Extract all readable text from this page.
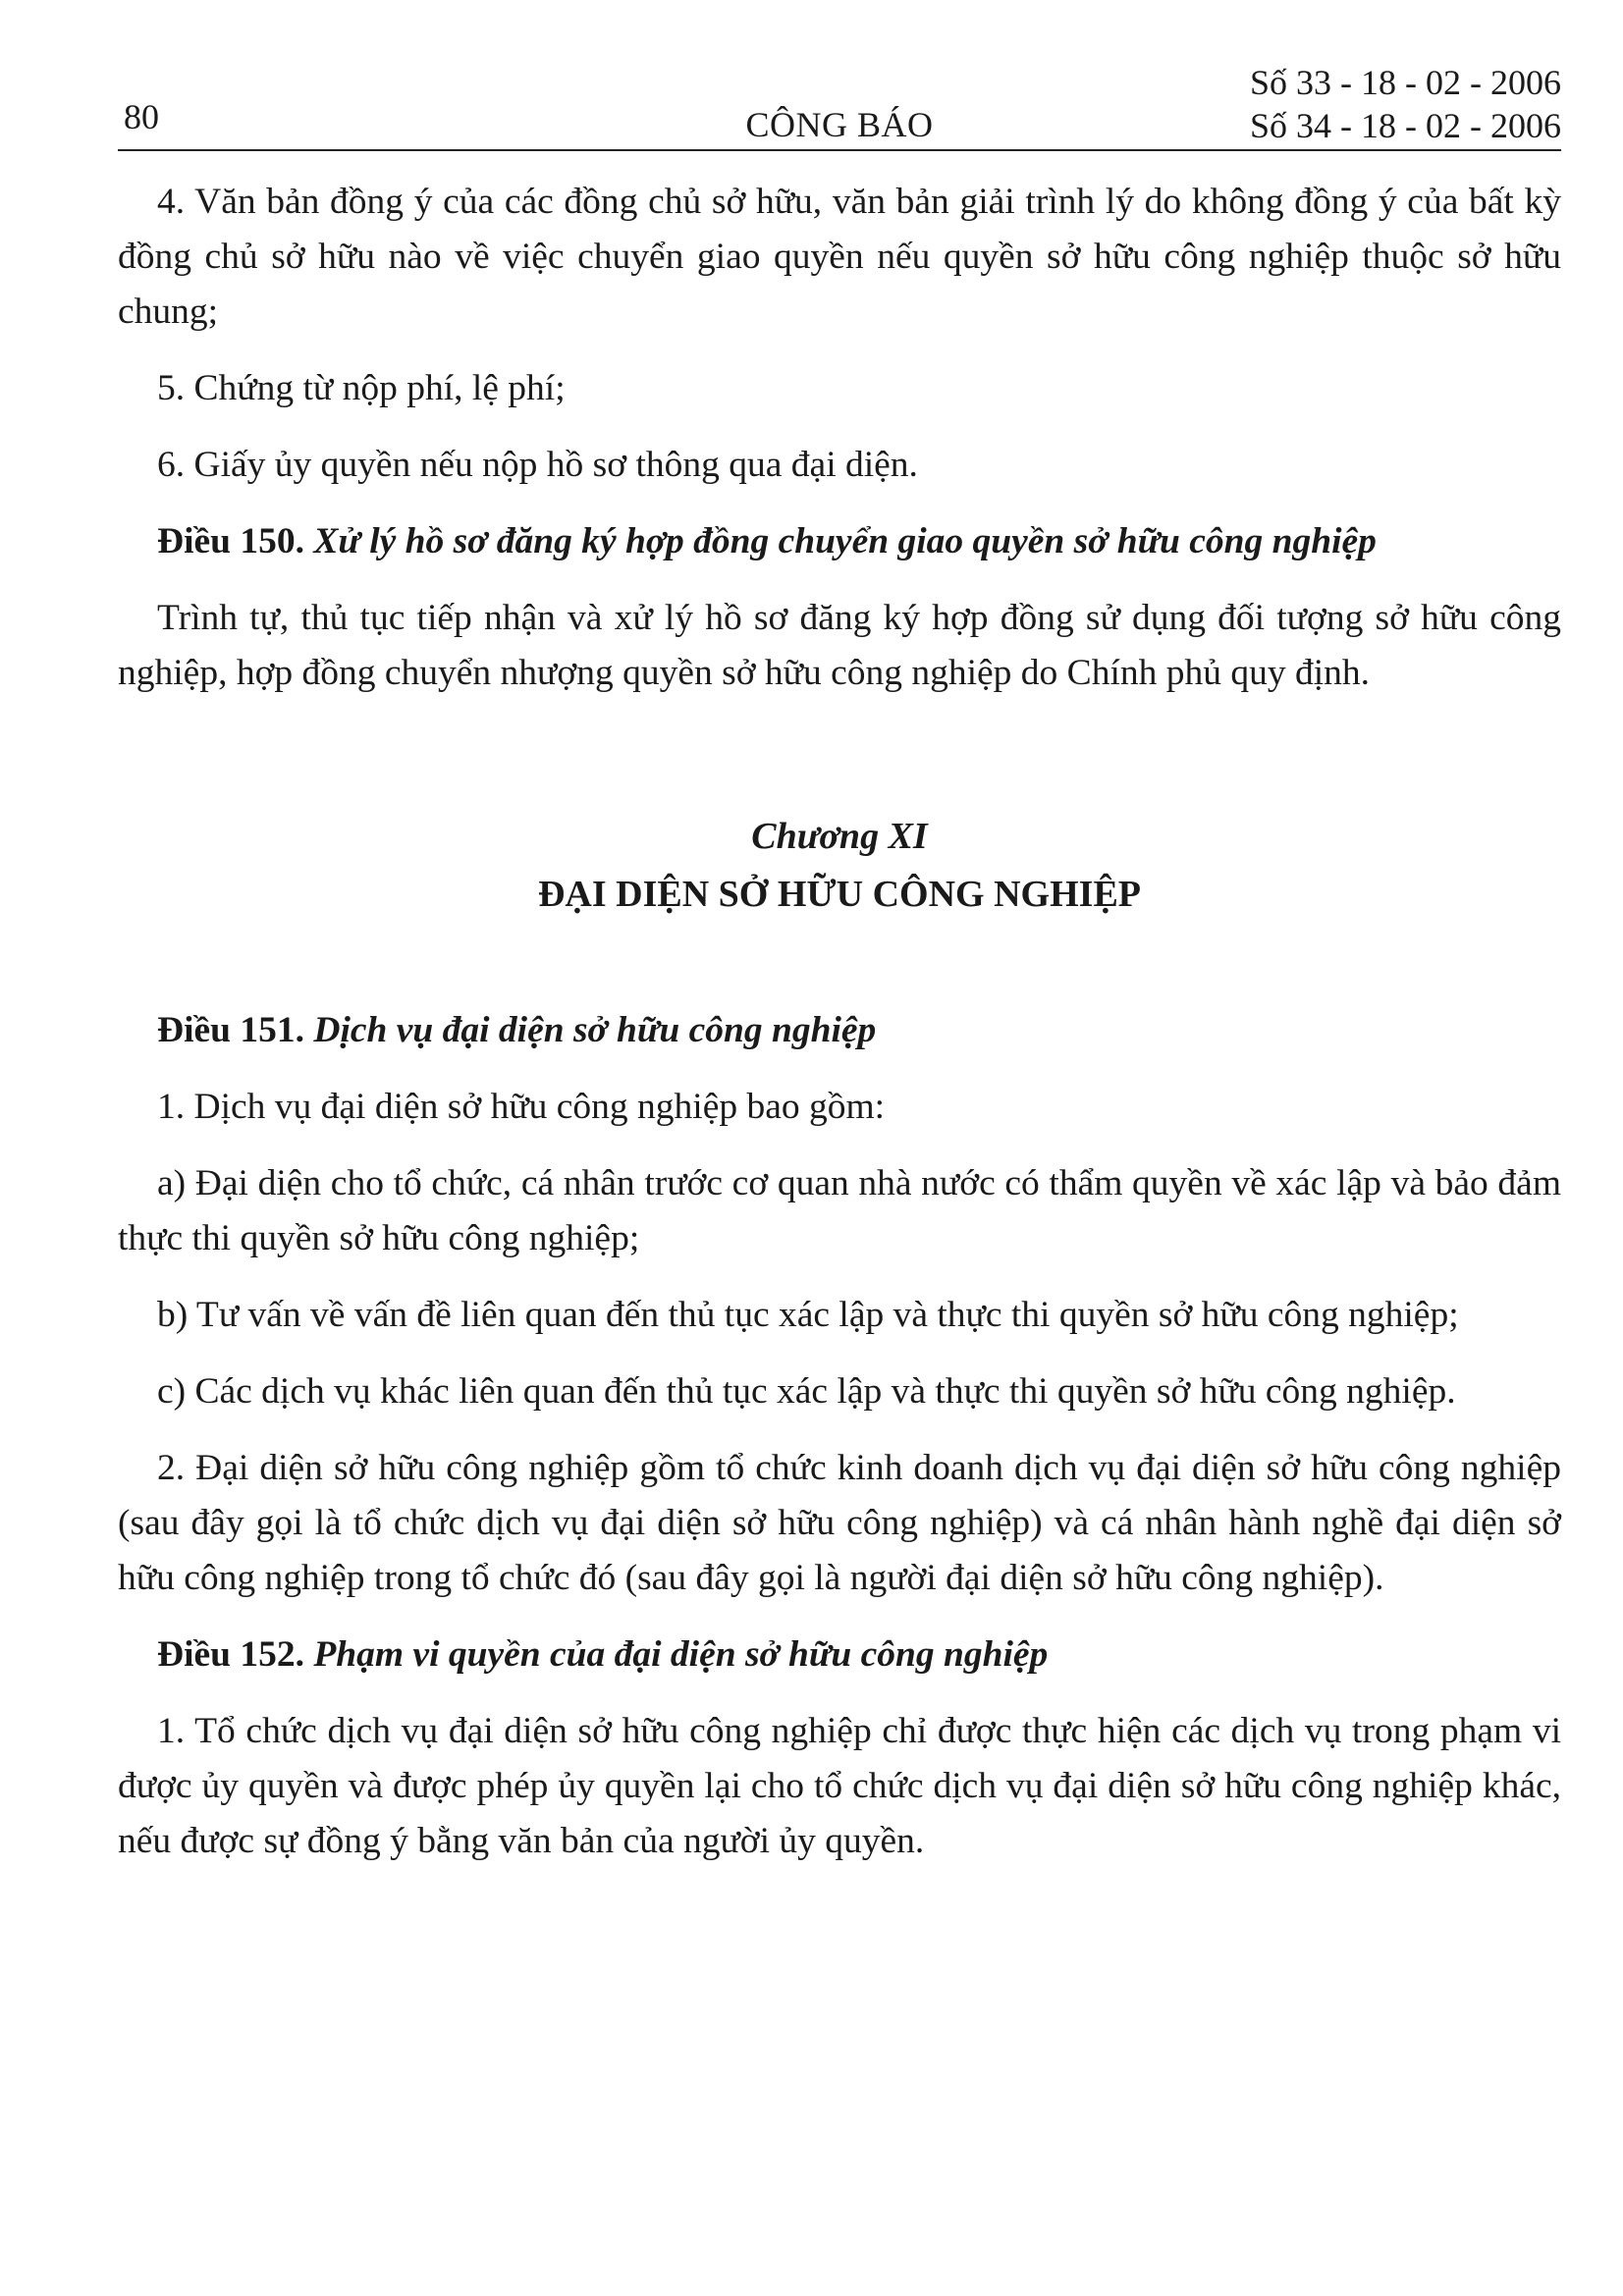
80	CÔNG BÁO
Số 33 - 18 - 02 - 2006
Số 34 - 18 - 02 - 2006

4. Văn bản đồng ý của các đồng chủ sở hữu, văn bản giải trình lý do không đồng ý của bất kỳ đồng chủ sở hữu nào về việc chuyển giao quyền nếu quyền sở hữu công nghiệp thuộc sở hữu chung;

5. Chứng từ nộp phí, lệ phí;

6. Giấy ủy quyền nếu nộp hồ sơ thông qua đại diện.

Điều 150. Xử lý hồ sơ đăng ký hợp đồng chuyển giao quyền sở hữu công nghiệp

Trình tự, thủ tục tiếp nhận và xử lý hồ sơ đăng ký hợp đồng sử dụng đối tượng sở hữu công nghiệp, hợp đồng chuyển nhượng quyền sở hữu công nghiệp do Chính phủ quy định.

Chương XI
ĐẠI DIỆN SỞ HỮU CÔNG NGHIỆP

Điều 151. Dịch vụ đại diện sở hữu công nghiệp

1. Dịch vụ đại diện sở hữu công nghiệp bao gồm:

a) Đại diện cho tổ chức, cá nhân trước cơ quan nhà nước có thẩm quyền về xác lập và bảo đảm thực thi quyền sở hữu công nghiệp;

b) Tư vấn về vấn đề liên quan đến thủ tục xác lập và thực thi quyền sở hữu công nghiệp;

c) Các dịch vụ khác liên quan đến thủ tục xác lập và thực thi quyền sở hữu công nghiệp.

2. Đại diện sở hữu công nghiệp gồm tổ chức kinh doanh dịch vụ đại diện sở hữu công nghiệp (sau đây gọi là tổ chức dịch vụ đại diện sở hữu công nghiệp) và cá nhân hành nghề đại diện sở hữu công nghiệp trong tổ chức đó (sau đây gọi là người đại diện sở hữu công nghiệp).

Điều 152. Phạm vi quyền của đại diện sở hữu công nghiệp

1. Tổ chức dịch vụ đại diện sở hữu công nghiệp chỉ được thực hiện các dịch vụ trong phạm vi được ủy quyền và được phép ủy quyền lại cho tổ chức dịch vụ đại diện sở hữu công nghiệp khác, nếu được sự đồng ý bằng văn bản của người ủy quyền.
